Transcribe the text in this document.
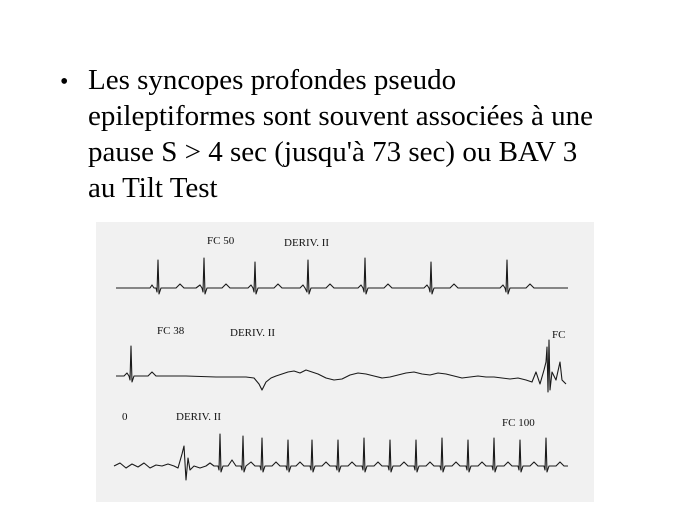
• Les syncopes profondes pseudo
epileptiformes sont souvent associées à une
pause S > 4 sec (jusqu'à 73 sec) ou BAV 3
au Tilt Test
FC 50	DERIV. II
FC 38	DERIV. II	FC
0	DERIV. II	FC 100
